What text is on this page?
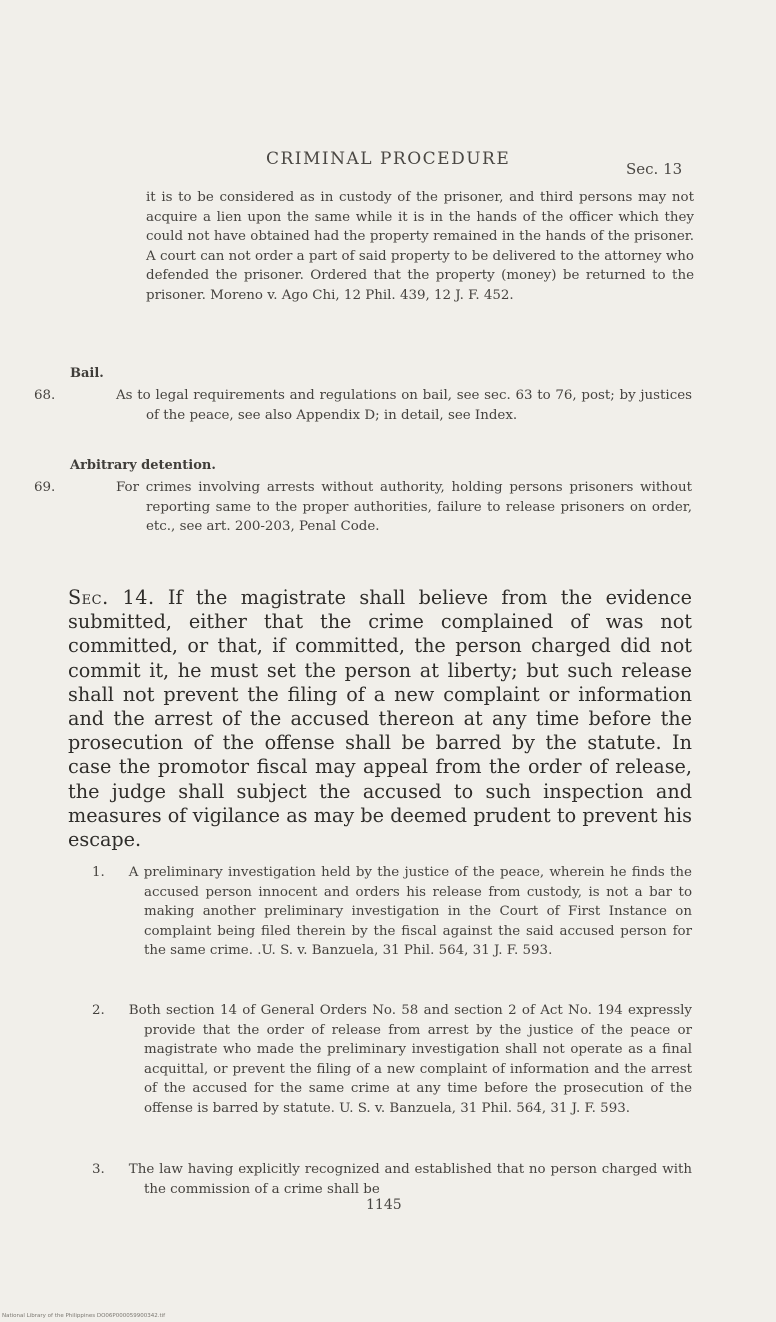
CRIMINAL PROCEDURE	Sec. 13
it is to be considered as in custody of the prisoner, and third persons may not acquire a lien upon the same while it is in the hands of the officer which they could not have obtained had the property remained in the hands of the prisoner. A court can not order a part of said property to be delivered to the attorney who defended the prisoner. Ordered that the property (money) be returned to the prisoner. Moreno v. Ago Chi, 12 Phil. 439, 12 J. F. 452.
Bail.
68.	As to legal requirements and regulations on bail, see sec. 63 to 76, post; by justices of the peace, see also Appendix D; in detail, see Index.
Arbitrary detention.
69.	For crimes involving arrests without authority, holding persons prisoners without reporting same to the proper authorities, failure to release prisoners on order, etc., see art. 200-203, Penal Code.
Sec. 14. If the magistrate shall believe from the evidence submitted, either that the crime complained of was not committed, or that, if committed, the person charged did not commit it, he must set the person at liberty; but such release shall not prevent the filing of a new complaint or information and the arrest of the accused thereon at any time before the prosecution of the offense shall be barred by the statute. In case the promotor fiscal may appeal from the order of release, the judge shall subject the accused to such inspection and measures of vigilance as may be deemed prudent to prevent his escape.
1. A preliminary investigation held by the justice of the peace, wherein he finds the accused person innocent and orders his release from custody, is not a bar to making another preliminary investigation in the Court of First Instance on complaint being filed therein by the fiscal against the said accused person for the same crime. .U. S. v. Banzuela, 31 Phil. 564, 31 J. F. 593.
2. Both section 14 of General Orders No. 58 and section 2 of Act No. 194 expressly provide that the order of release from arrest by the justice of the peace or magistrate who made the preliminary investigation shall not operate as a final acquittal, or prevent the filing of a new complaint of information and the arrest of the accused for the same crime at any time before the prosecution of the offense is barred by statute. U. S. v. Banzuela, 31 Phil. 564, 31 J. F. 593.
3. The law having explicitly recognized and established that no person charged with the commission of a crime shall be
1145
National Library of the Philippines DO06P000059900342.tif
